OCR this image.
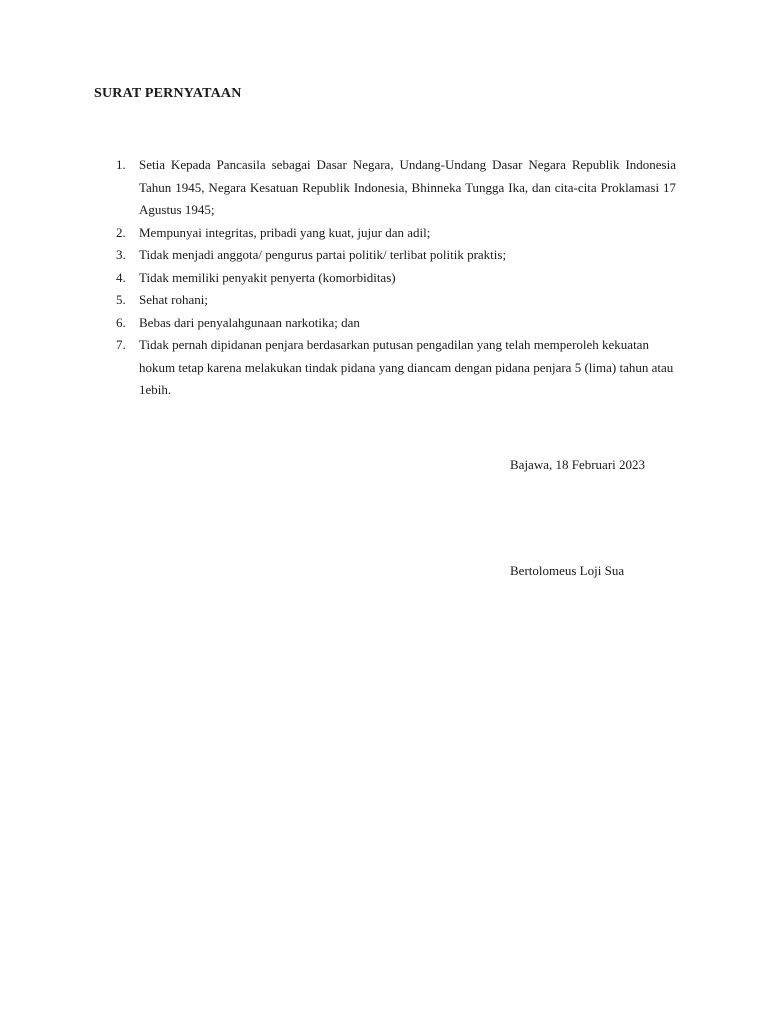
SURAT PERNYATAAN
1.	Setia Kepada Pancasila sebagai Dasar Negara, Undang-Undang Dasar Negara Republik Indonesia Tahun 1945, Negara Kesatuan Republik Indonesia, Bhinneka Tungga Ika, dan cita-cita Proklamasi 17 Agustus 1945;
2.	Mempunyai integritas, pribadi yang kuat, jujur dan adil;
3.	Tidak menjadi anggota/ pengurus partai politik/ terlibat politik praktis;
4.	Tidak memiliki penyakit penyerta (komorbiditas)
5.	Sehat rohani;
6.	Bebas dari penyalahgunaan narkotika; dan
7.	Tidak pernah dipidanan penjara berdasarkan putusan pengadilan yang telah memperoleh kekuatan hokum tetap karena melakukan tindak pidana yang diancam dengan pidana penjara 5 (lima) tahun atau 1ebih.
Bajawa, 18 Februari 2023
Bertolomeus Loji Sua
